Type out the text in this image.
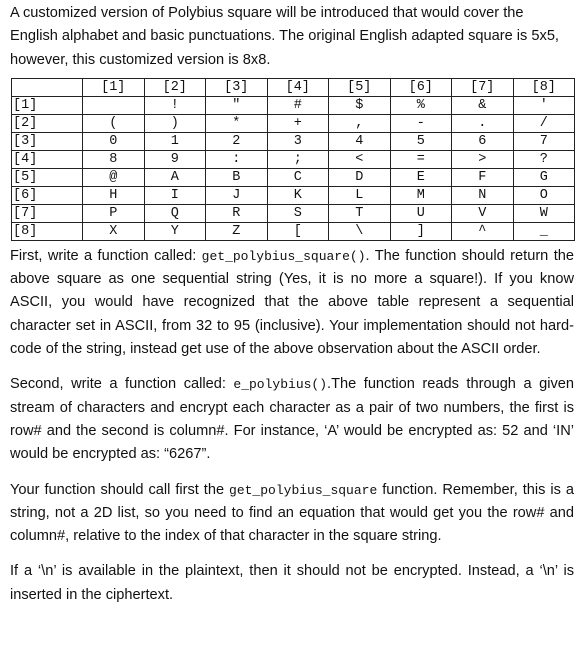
A customized version of Polybius square will be introduced that would cover the English alphabet and basic punctuations. The original English adapted square is 5x5, however, this customized version is 8x8.

	[1]	[2]	[3]	[4]	[5]	[6]	[7]	[8]
[1]		!	"	#	$	%	&	'
[2]	(	)	*	+	,	-	.	/
[3]	0	1	2	3	4	5	6	7
[4]	8	9	:	;	<	=	>	?
[5]	@	A	B	C	D	E	F	G
[6]	H	I	J	K	L	M	N	O
[7]	P	Q	R	S	T	U	V	W
[8]	X	Y	Z	[	\	]	^	_

First, write a function called: get_polybius_square(). The function should return the above square as one sequential string (Yes, it is no more a square!). If you know ASCII, you would have recognized that the above table represent a sequential character set in ASCII, from 32 to 95 (inclusive). Your implementation should not hard-code of the string, instead get use of the above observation about the ASCII order.

Second, write a function called: e_polybius().The function reads through a given stream of characters and encrypt each character as a pair of two numbers, the first is row# and the second is column#. For instance, ‘A’ would be encrypted as: 52 and ‘IN’ would be encrypted as: “6267”.

Your function should call first the get_polybius_square function. Remember, this is a string, not a 2D list, so you need to find an equation that would get you the row# and column#, relative to the index of that character in the square string.

If a ‘\n’ is available in the plaintext, then it should not be encrypted. Instead, a ‘\n’ is inserted in the ciphertext.
